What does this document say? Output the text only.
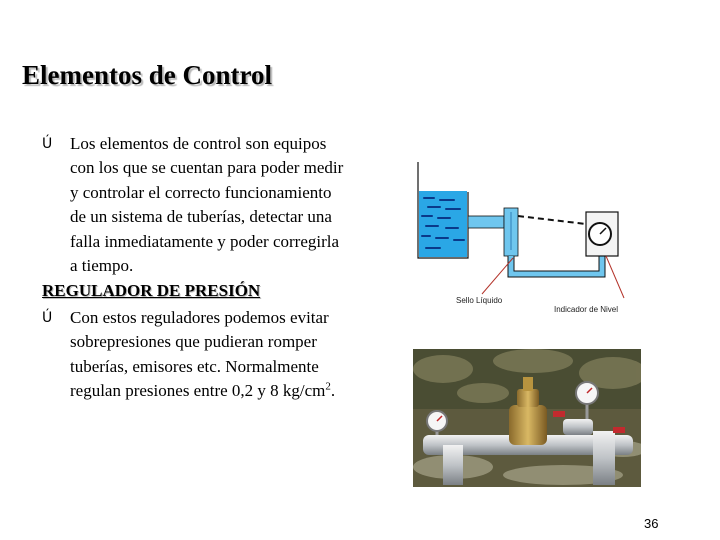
Elementos de Control
Ú Los elementos de control son equipos con los que se cuentan para poder medir y controlar el correcto funcionamiento de un sistema de tuberías, detectar una falla inmediatamente y poder corregirla a tiempo.
REGULADOR DE PRESIÓN
Ú Con estos reguladores podemos evitar sobrepresiones que pudieran romper tuberías, emisores etc. Normalmente regulan presiones entre 0,2 y 8 $kg/cm^2$.
Sello Líquido
Indicador de Nivel
36
